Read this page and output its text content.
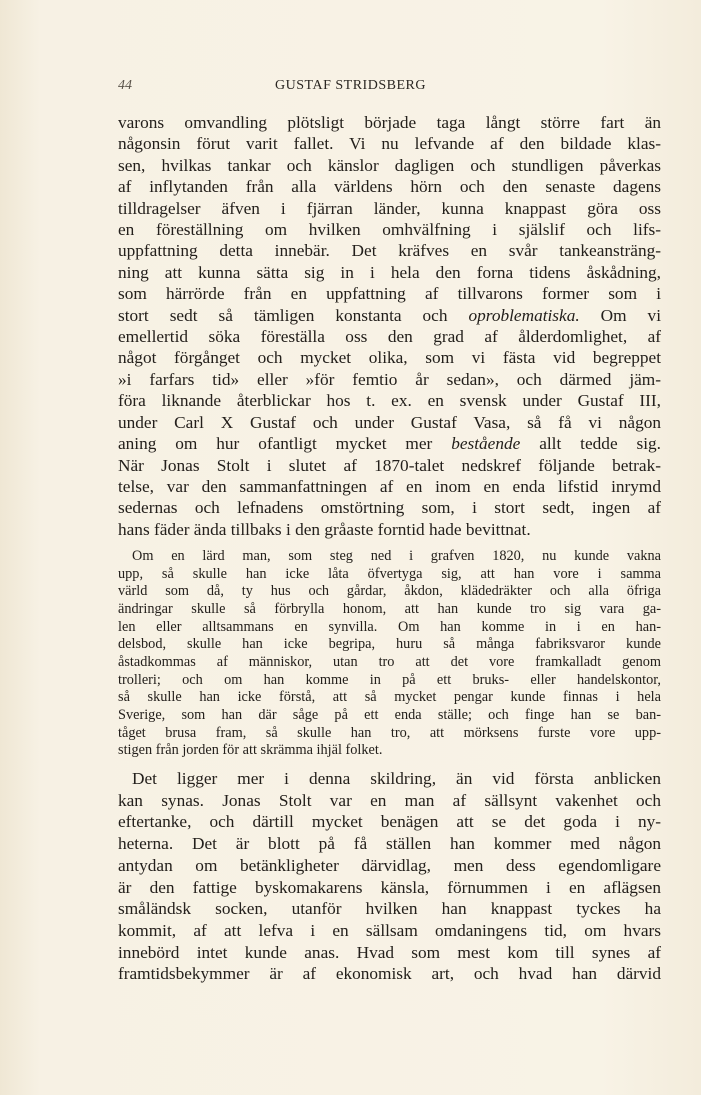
44	GUSTAF STRIDSBERG
varons omvandling plötsligt började taga långt större fart än
någonsin förut varit fallet. Vi nu lefvande af den bildade klas-
sen, hvilkas tankar och känslor dagligen och stundligen påverkas
af inflytanden från alla världens hörn och den senaste dagens
tilldragelser äfven i fjärran länder, kunna knappast göra oss
en föreställning om hvilken omhvälfning i själslif och lifs-
uppfattning detta innebär. Det kräfves en svår tankeansträng-
ning att kunna sätta sig in i hela den forna tidens åskådning,
som härrörde från en uppfattning af tillvarons former som i
stort sedt så tämligen konstanta och oproblematiska. Om vi
emellertid söka föreställa oss den grad af ålderdomlighet, af
något förgånget och mycket olika, som vi fästa vid begreppet
»i farfars tid» eller »för femtio år sedan», och därmed jäm-
föra liknande återblickar hos t. ex. en svensk under Gustaf III,
under Carl X Gustaf och under Gustaf Vasa, så få vi någon
aning om hur ofantligt mycket mer bestående allt tedde sig.
När Jonas Stolt i slutet af 1870-talet nedskref följande betrak-
telse, var den sammanfattningen af en inom en enda lifstid inrymd
sedernas och lefnadens omstörtning som, i stort sedt, ingen af
hans fäder ända tillbaks i den gråaste forntid hade bevittnat.
Om en lärd man, som steg ned i grafven 1820, nu kunde vakna
upp, så skulle han icke låta öfvertyga sig, att han vore i samma
värld som då, ty hus och gårdar, åkdon, klädedräkter och alla öfriga
ändringar skulle så förbrylla honom, att han kunde tro sig vara ga-
len eller alltsammans en synvilla. Om han komme in i en han-
delsbod, skulle han icke begripa, huru så många fabriksvaror kunde
åstadkommas af människor, utan tro att det vore framkalladt genom
trolleri; och om han komme in på ett bruks- eller handelskontor,
så skulle han icke förstå, att så mycket pengar kunde finnas i hela
Sverige, som han där såge på ett enda ställe; och finge han se ban-
tåget brusa fram, så skulle han tro, att mörksens furste vore upp-
stigen från jorden för att skrämma ihjäl folket.
Det ligger mer i denna skildring, än vid första anblicken
kan synas. Jonas Stolt var en man af sällsynt vakenhet och
eftertanke, och därtill mycket benägen att se det goda i ny-
heterna. Det är blott på få ställen han kommer med någon
antydan om betänkligheter därvidlag, men dess egendomligare
är den fattige byskomakarens känsla, förnummen i en aflägsen
småländsk socken, utanför hvilken han knappast tyckes ha
kommit, af att lefva i en sällsam omdaningens tid, om hvars
innebörd intet kunde anas. Hvad som mest kom till synes af
framtidsbekymmer är af ekonomisk art, och hvad han därvid
